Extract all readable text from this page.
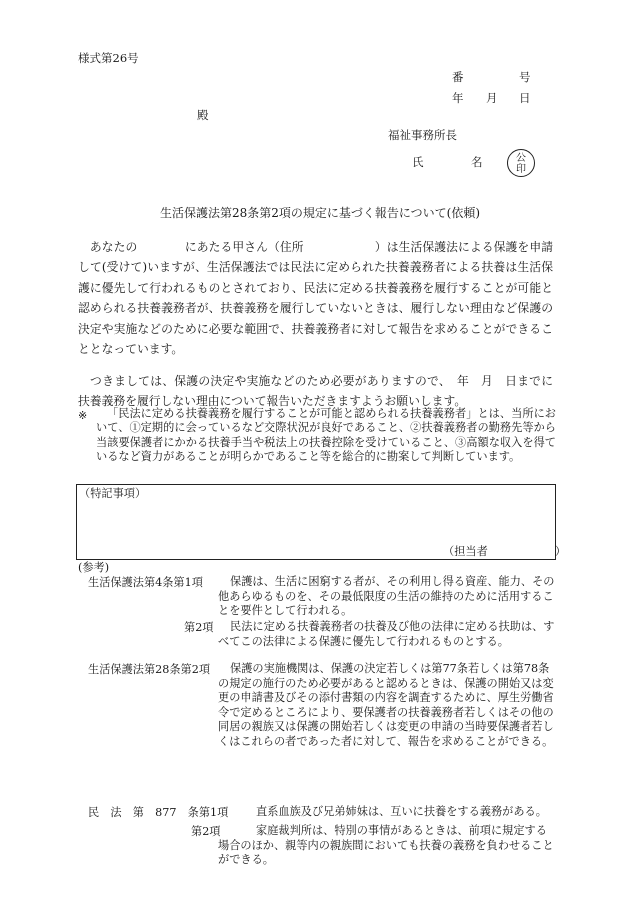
様式第26号
番	号
年 月 日
殿
福祉事務所長
氏	名	公
印
生活保護法第28条第2項の規定に基づく報告について(依頼)
　あなたの　　　　にあたる甲さん（住所　　　　　　）は生活保護法による保護を申請して(受けて)いますが、生活保護法では民法に定められた扶養義務者による扶養は生活保護に優先して行われるものとされており、民法に定める扶養義務を履行することが可能と認められる扶養義務者が、扶養義務を履行していないときは、履行しない理由など保護の決定や実施などのために必要な範囲で、扶養義務者に対して報告を求めることができることとなっています。
　つきましては、保護の決定や実施などのため必要がありますので、　年　月　日までに扶養義務を履行しない理由について報告いただきますようお願いします。
※	「民法に定める扶養義務を履行することが可能と認められる扶養義務者」とは、当所において、①定期的に会っているなど交際状況が良好であること、②扶養義務者の勤務先等から当該要保護者にかかる扶養手当や税法上の扶養控除を受けていること、③高額な収入を得ているなど資力があることが明らかであること等を総合的に勘案して判断しています。
（特記事項）
（担当者　　　　　　）
(参考)
生活保護法第4条第1項	保護は、生活に困窮する者が、その利用し得る資産、能力、その他あらゆるものを、その最低限度の生活の維持のために活用することを要件として行われる。
第2項	民法に定める扶養義務者の扶養及び他の法律に定める扶助は、すべてこの法律による保護に優先して行われるものとする。
生活保護法第28条第2項	保護の実施機関は、保護の決定若しくは第77条若しくは第78条の規定の施行のため必要があると認めるときは、保護の開始又は変更の申請書及びその添付書類の内容を調査するために、厚生労働省令で定めるところにより、要保護者の扶養義務者若しくはその他の同居の親族又は保護の開始若しくは変更の申請の当時要保護者若しくはこれらの者であった者に対して、報告を求めることができる。
民　法　第　877　条第1項 直系血族及び兄弟姉妹は、互いに扶養をする義務がある。
第2項	家庭裁判所は、特別の事情があるときは、前項に規定する場合のほか、親等内の親族間においても扶養の義務を負わせることができる。
